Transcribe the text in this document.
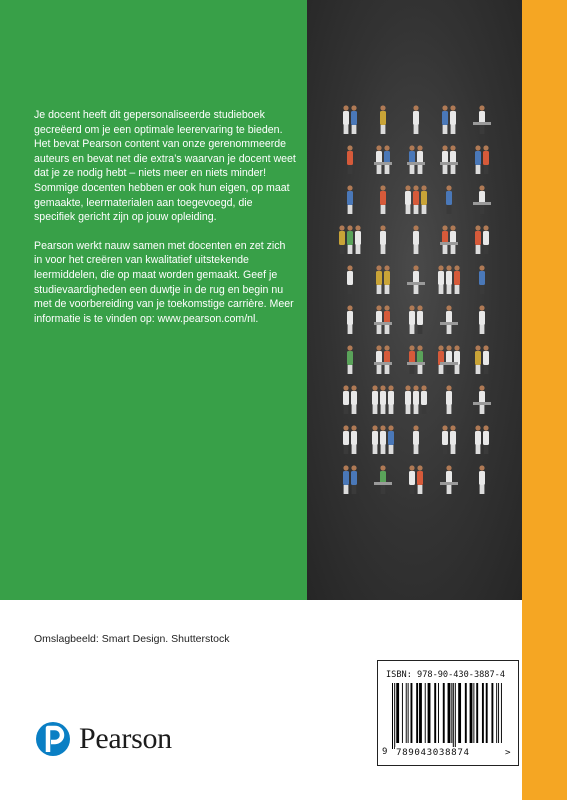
Je docent heeft dit gepersonaliseerde studieboek gecreëerd om je een optimale leerervaring te bieden. Het bevat Pearson content van onze gerenommeerde auteurs en bevat net die extra’s waarvan je docent weet dat je ze nodig hebt – niets meer en niets minder! Sommige docenten hebben er ook hun eigen, op maat gemaakte, leermaterialen aan toegevoegd, die specifiek gericht zijn op jouw opleiding.

Pearson werkt nauw samen met docenten en zet zich in voor het creëren van kwalitatief uitstekende leermiddelen, die op maat worden gemaakt. Geef je studievaardigheden een duwtje in de rug en begin nu met de voorbereiding van je toekomstige carrière. Meer informatie is te vinden op: www.pearson.com/nl.

Omslagbeeld: Smart Design. Shutterstock
Pearson
ISBN: 978-90-430-3887-4
9 789043038874	>
